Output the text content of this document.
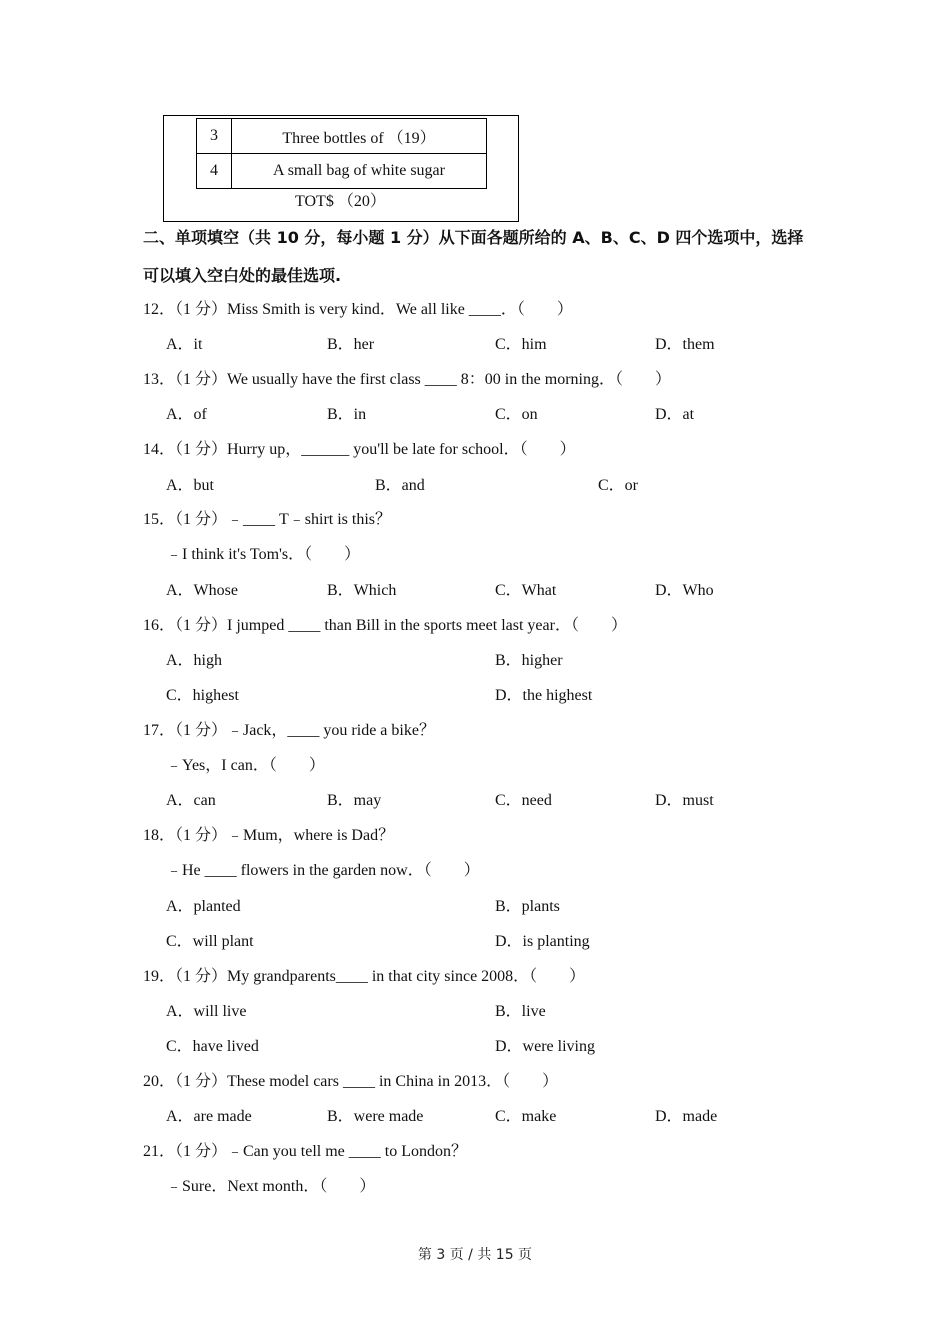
3	Three bottles of （19）
4	A small bag of white sugar
TOT$ （20）
二、单项填空（共 10 分，每小题 1 分）从下面各题所给的 A、B、C、D 四个选项中，选择
可以填入空白处的最佳选项.
12．（1 分）Miss Smith is very kind．We all like ____．（　　）
A．it	B．her	C．him	D．them
13．（1 分）We usually have the first class ____ 8：00 in the morning．（　　）
A．of	B．in	C．on	D．at
14．（1 分）Hurry up，______ you'll be late for school．（　　）
A．but	B．and	C．or
15．（1 分）﹣____ T﹣shirt is this？
﹣I think it's Tom's．（　　）
A．Whose	B．Which	C．What	D．Who
16．（1 分）I jumped ____ than Bill in the sports meet last year．（　　）
A．high	B．higher
C．highest	D．the highest
17．（1 分）﹣Jack，____ you ride a bike？
﹣Yes，I can．（　　）
A．can	B．may	C．need	D．must
18．（1 分）﹣Mum，where is Dad？
﹣He ____ flowers in the garden now．（　　）
A．planted	B．plants
C．will plant	D．is planting
19．（1 分）My grandparents____ in that city since 2008．（　　）
A．will live	B．live
C．have lived	D．were living
20．（1 分）These model cars ____ in China in 2013．（　　）
A．are made	B．were made	C．make	D．made
21．（1 分）﹣Can you tell me ____ to London？
﹣Sure．Next month．（　　）
第 3 页 / 共 15 页
